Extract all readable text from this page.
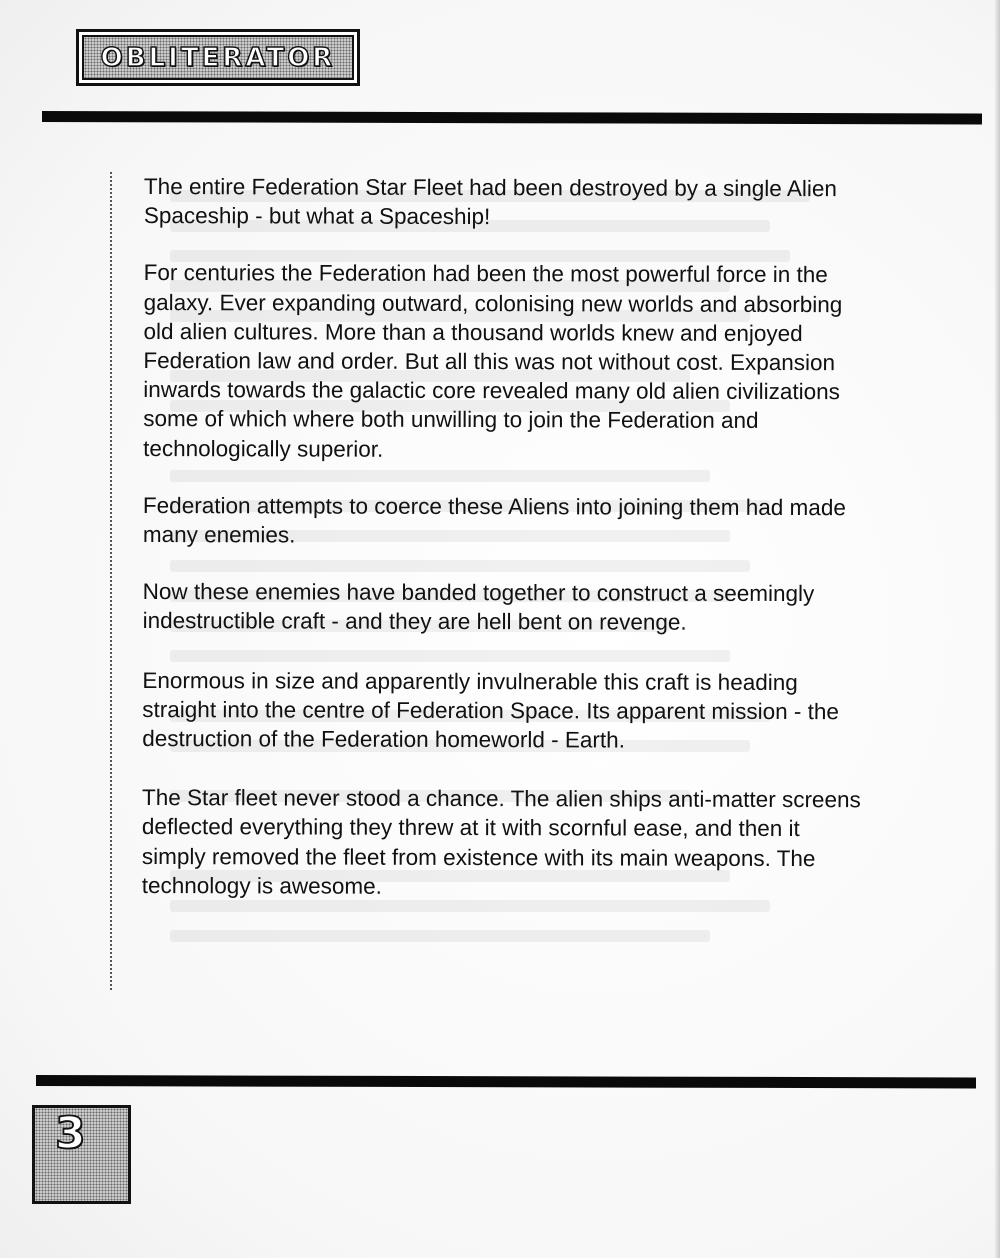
OBLITERATOR

The entire Federation Star Fleet had been destroyed by a single Alien Spaceship - but what a Spaceship!

For centuries the Federation had been the most powerful force in the galaxy. Ever expanding outward, colonising new worlds and absorbing old alien cultures. More than a thousand worlds knew and enjoyed Federation law and order. But all this was not without cost. Expansion inwards towards the galactic core revealed many old alien civilizations some of which where both unwilling to join the Federation and technologically superior.

Federation attempts to coerce these Aliens into joining them had made many enemies.

Now these enemies have banded together to construct a seemingly indestructible craft - and they are hell bent on revenge.

Enormous in size and apparently invulnerable this craft is heading straight into the centre of Federation Space. Its apparent mission - the destruction of the Federation homeworld - Earth.

The Star fleet never stood a chance. The alien ships anti-matter screens deflected everything they threw at it with scornful ease, and then it simply removed the fleet from existence with its main weapons. The technology is awesome.

3
